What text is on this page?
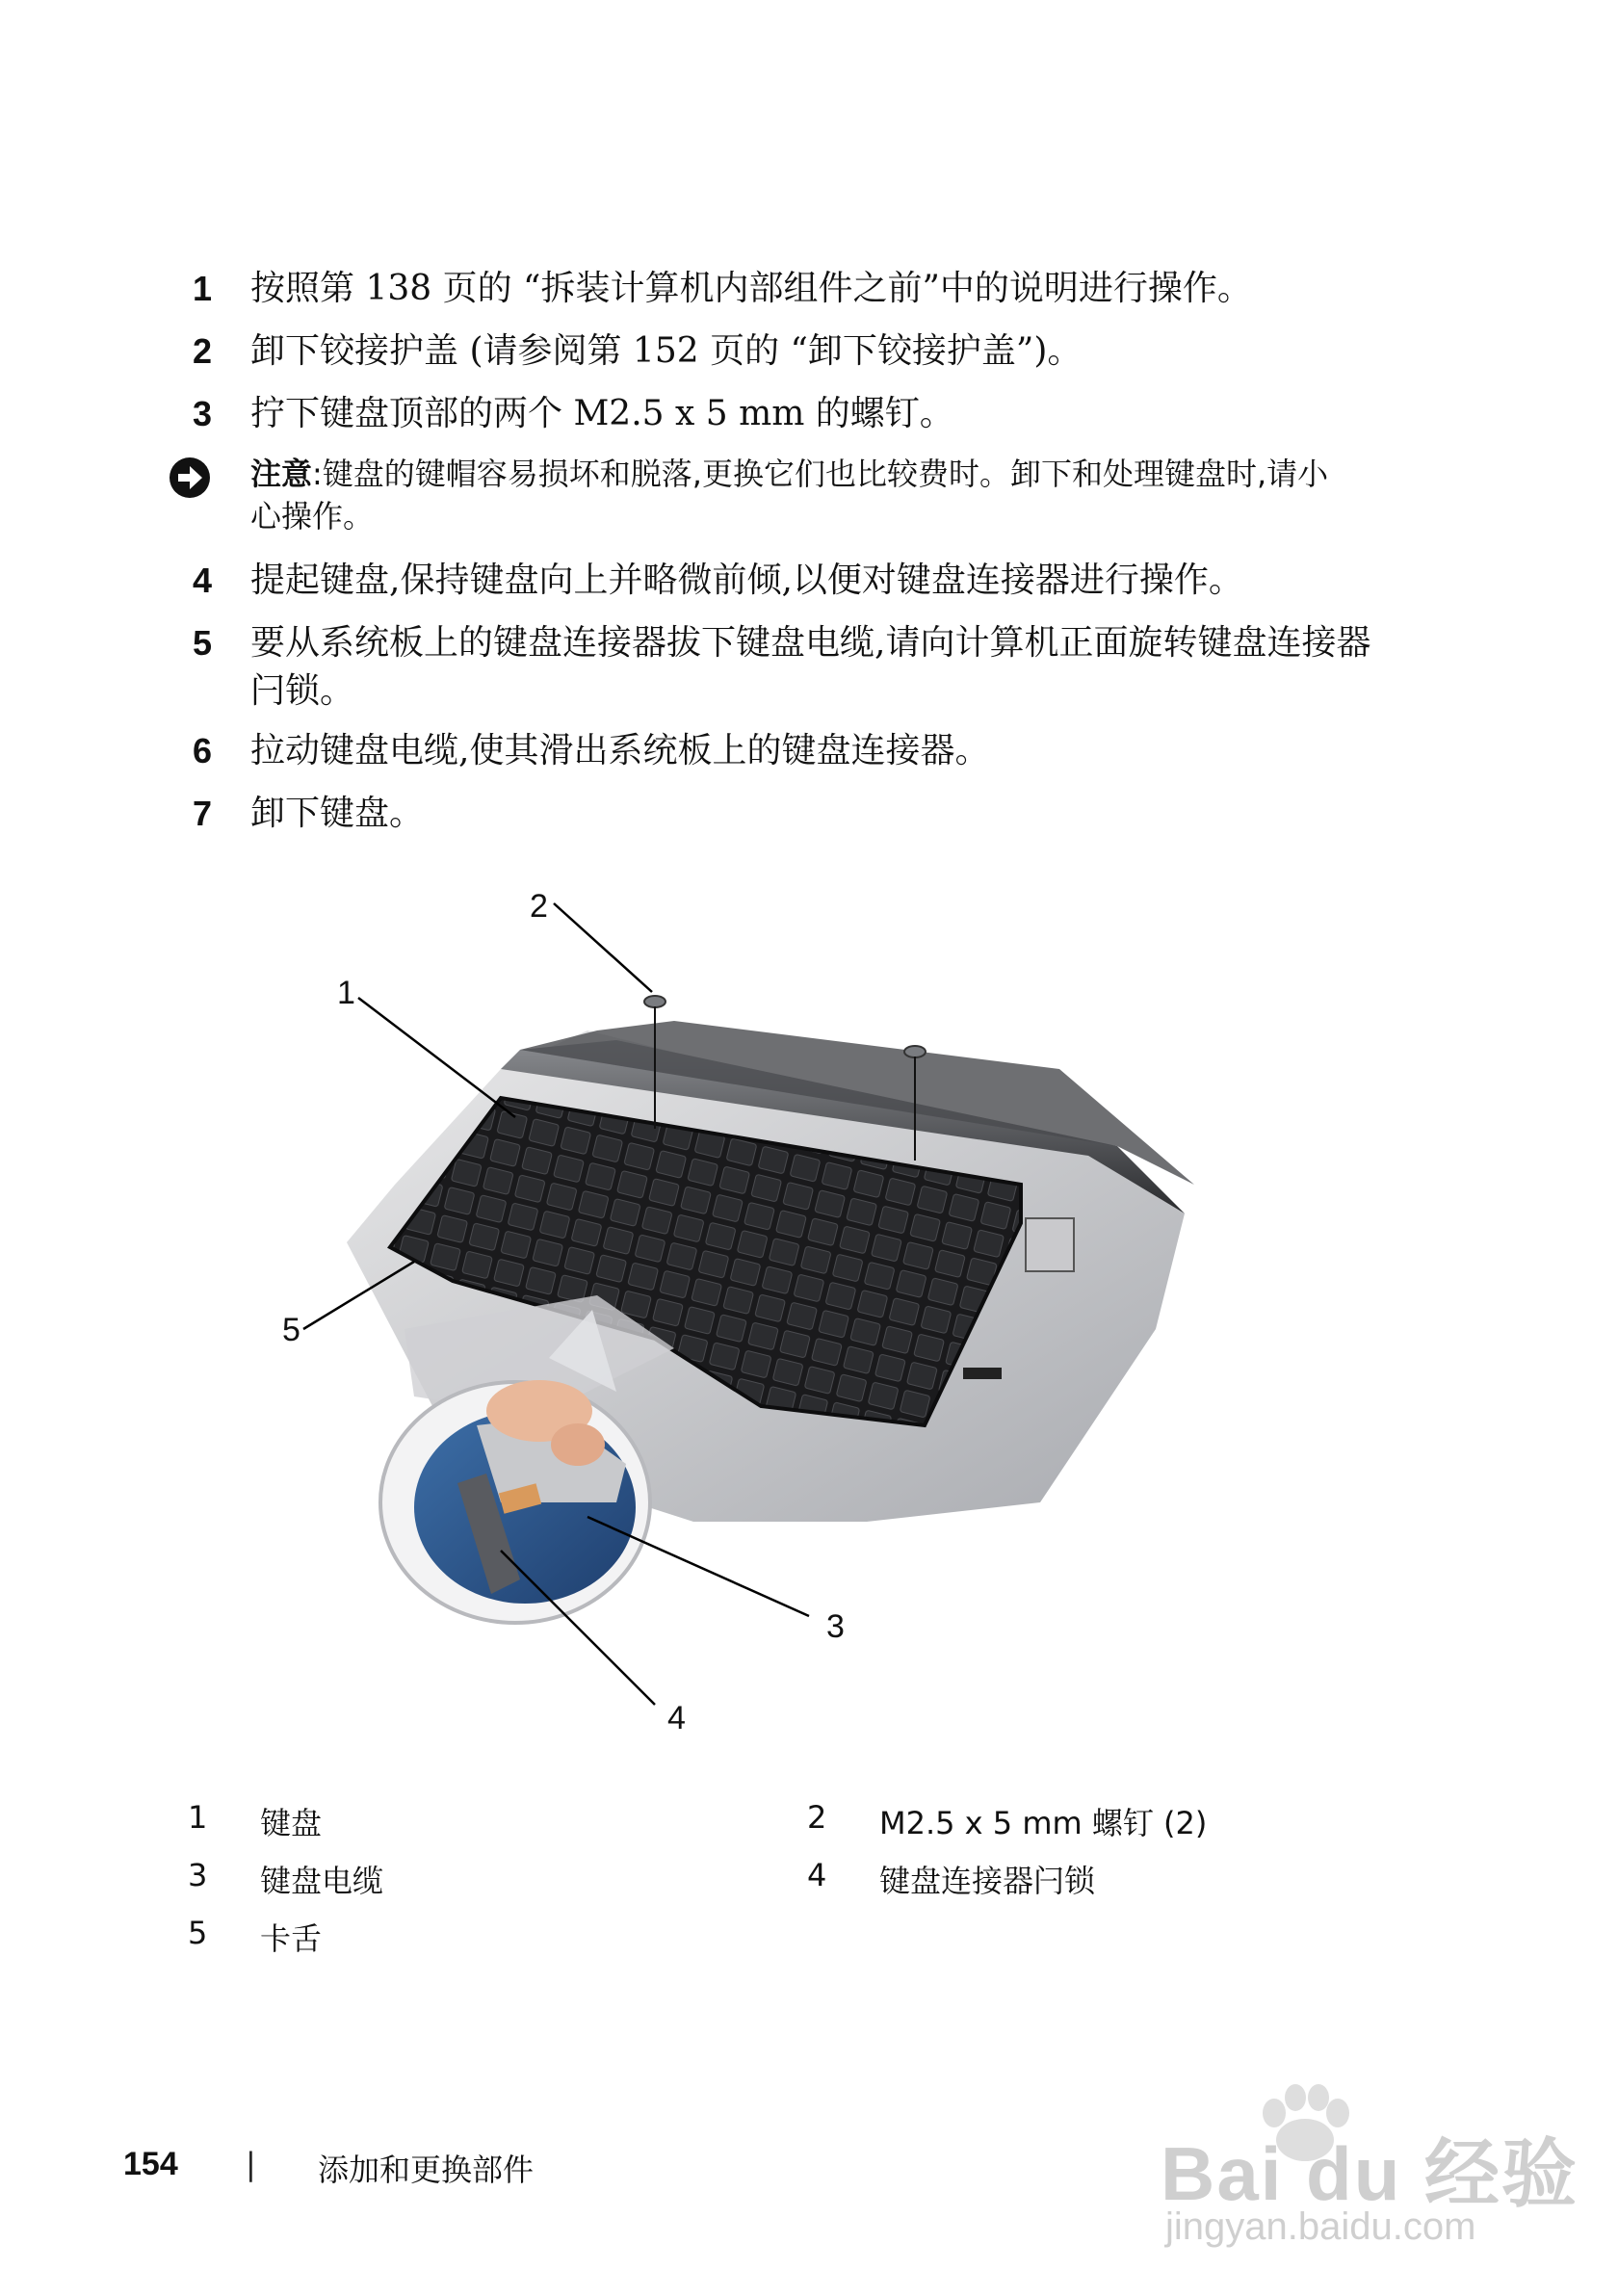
1 按照第 138 页的 “拆装计算机内部组件之前”中的说明进行操作。
2 卸下铰接护盖 (请参阅第 152 页的 “卸下铰接护盖”)。
3 拧下键盘顶部的两个 M2.5 x 5 mm 的螺钉。
注意:键盘的键帽容易损坏和脱落,更换它们也比较费时。卸下和处理键盘时,请小心操作。
4 提起键盘,保持键盘向上并略微前倾,以便对键盘连接器进行操作。
5 要从系统板上的键盘连接器拔下键盘电缆,请向计算机正面旋转键盘连接器闩锁。
6 拉动键盘电缆,使其滑出系统板上的键盘连接器。
7 卸下键盘。
2
1
5
3
4
1 键盘	2 M2.5 x 5 mm 螺钉 (2)
3 键盘电缆	4 键盘连接器闩锁
5 卡舌
154 | 添加和更换部件	Bai du 经验
jingyan.baidu.com
